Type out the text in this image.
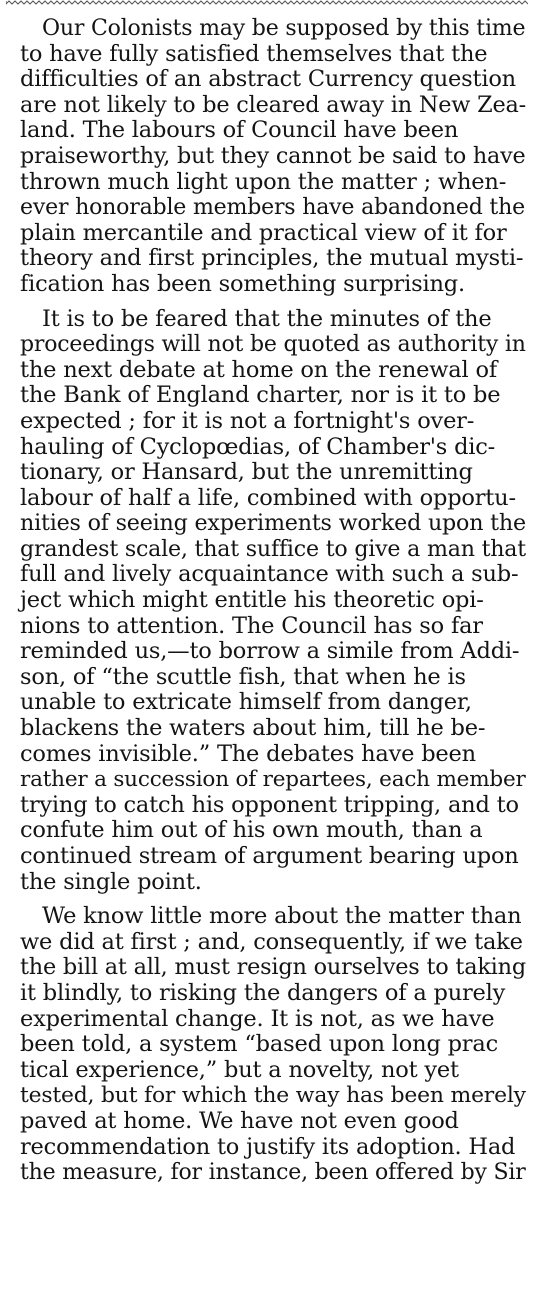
Our Colonists may be supposed by this time
to have fully satisfied themselves that the
difficulties of an abstract Currency question
are not likely to be cleared away in New Zea-
land. The labours of Council have been
praiseworthy, but they cannot be said to have
thrown much light upon the matter ; when-
ever honorable members have abandoned the
plain mercantile and practical view of it for
theory and first principles, the mutual mysti-
fication has been something surprising.
It is to be feared that the minutes of the
proceedings will not be quoted as authority in
the next debate at home on the renewal of
the Bank of England charter, nor is it to be
expected ; for it is not a fortnight's over-
hauling of Cyclopœdias, of Chamber's dic-
tionary, or Hansard, but the unremitting
labour of half a life, combined with opportu-
nities of seeing experiments worked upon the
grandest scale, that suffice to give a man that
full and lively acquaintance with such a sub-
ject which might entitle his theoretic opi-
nions to attention. The Council has so far
reminded us,—to borrow a simile from Addi-
son, of “the scuttle fish, that when he is
unable to extricate himself from danger,
blackens the waters about him, till he be-
comes invisible.” The debates have been
rather a succession of repartees, each member
trying to catch his opponent tripping, and to
confute him out of his own mouth, than a
continued stream of argument bearing upon
the single point.
We know little more about the matter than
we did at first ; and, consequently, if we take
the bill at all, must resign ourselves to taking
it blindly, to risking the dangers of a purely
experimental change. It is not, as we have
been told, a system “based upon long prac
tical experience,” but a novelty, not yet
tested, but for which the way has been merely
paved at home. We have not even good
recommendation to justify its adoption. Had
the measure, for instance, been offered by Sir
